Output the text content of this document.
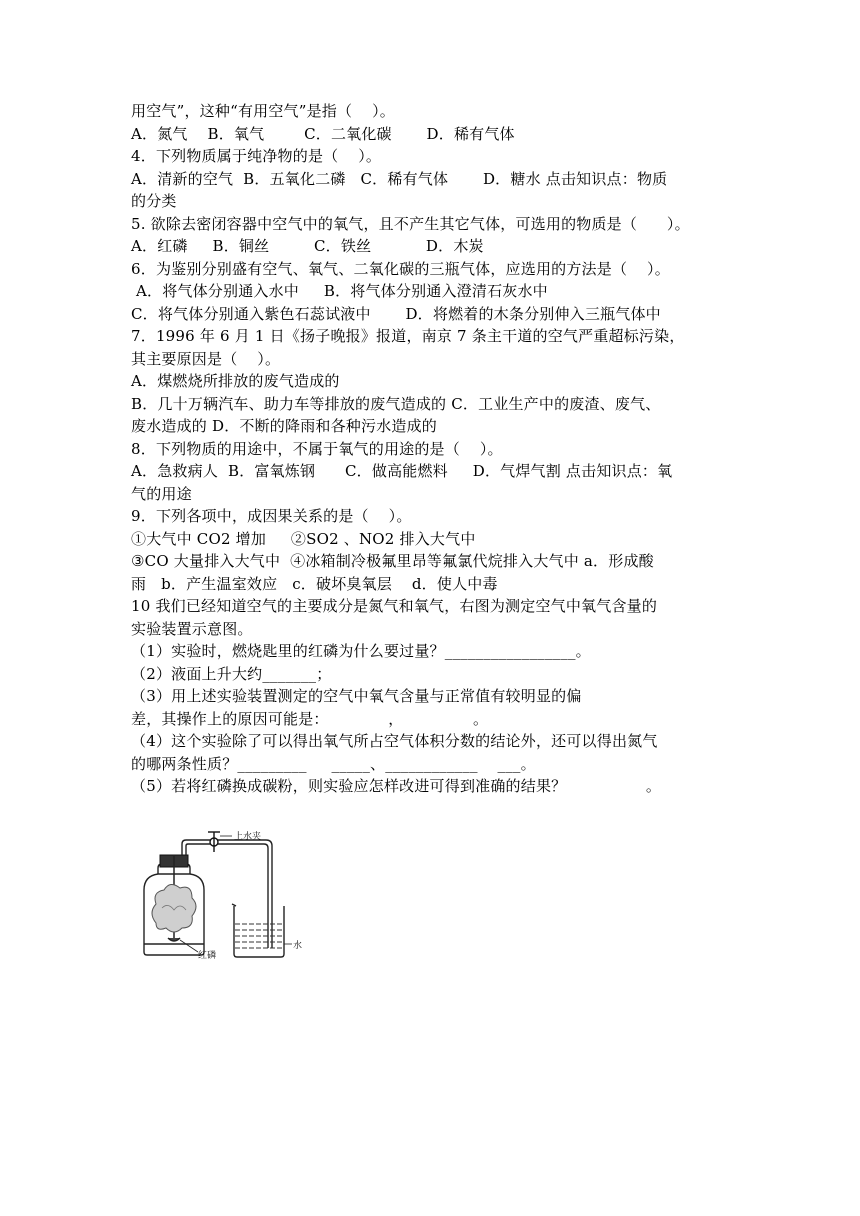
用空气”，这种“有用空气”是指（    ）。
A．氮气    B．氧气        C．二氧化碳       D．稀有气体
4．下列物质属于纯净物的是（    ）。
A．清新的空气  B．五氧化二磷   C．稀有气体       D．糖水 点击知识点：物质
的分类
5. 欲除去密闭容器中空气中的氧气，且不产生其它气体，可选用的物质是（      ）。
A．红磷     B．铜丝         C．铁丝           D．木炭
6．为鉴别分别盛有空气、氧气、二氧化碳的三瓶气体，应选用的方法是（    ）。
A．将气体分别通入水中     B．将气体分别通入澄清石灰水中
C．将气体分别通入紫色石蕊试液中       D．将燃着的木条分别伸入三瓶气体中
7．1996 年 6 月 1 日《扬子晚报》报道，南京 7 条主干道的空气严重超标污染，
其主要原因是（    ）。
A．煤燃烧所排放的废气造成的
B．几十万辆汽车、助力车等排放的废气造成的 C．工业生产中的废渣、废气、
废水造成的 D．不断的降雨和各种污水造成的
8．下列物质的用途中，不属于氧气的用途的是（    ）。
A．急救病人  B．富氧炼钢      C．做高能燃料     D．气焊气割 点击知识点：氧
气的用途
9．下列各项中，成因果关系的是（    ）。
①大气中 CO2 增加     ②SO2 、NO2 排入大气中
③CO 大量排入大气中  ④冰箱制冷极氟里昂等氟氯代烷排入大气中 a．形成酸
雨   b．产生温室效应   c．破坏臭氧层    d．使人中毒
10 我们已经知道空气的主要成分是氮气和氧气，右图为测定空气中氧气含量的
实验装置示意图。
（1）实验时，燃烧匙里的红磷为什么要过量？_________________。
（2）液面上升大约_______；
（3）用上述实验装置测定的空气中氧气含量与正常值有较明显的偏
差，其操作上的原因可能是：            ，              。
（4）这个实验除了可以得出氧气所占空气体积分数的结论外，还可以得出氮气
的哪两条性质？_________     _____、____________    ___。
（5）若将红磷换成碳粉，则实验应怎样改进可得到准确的结果？                。
上水夹
水
红磷
